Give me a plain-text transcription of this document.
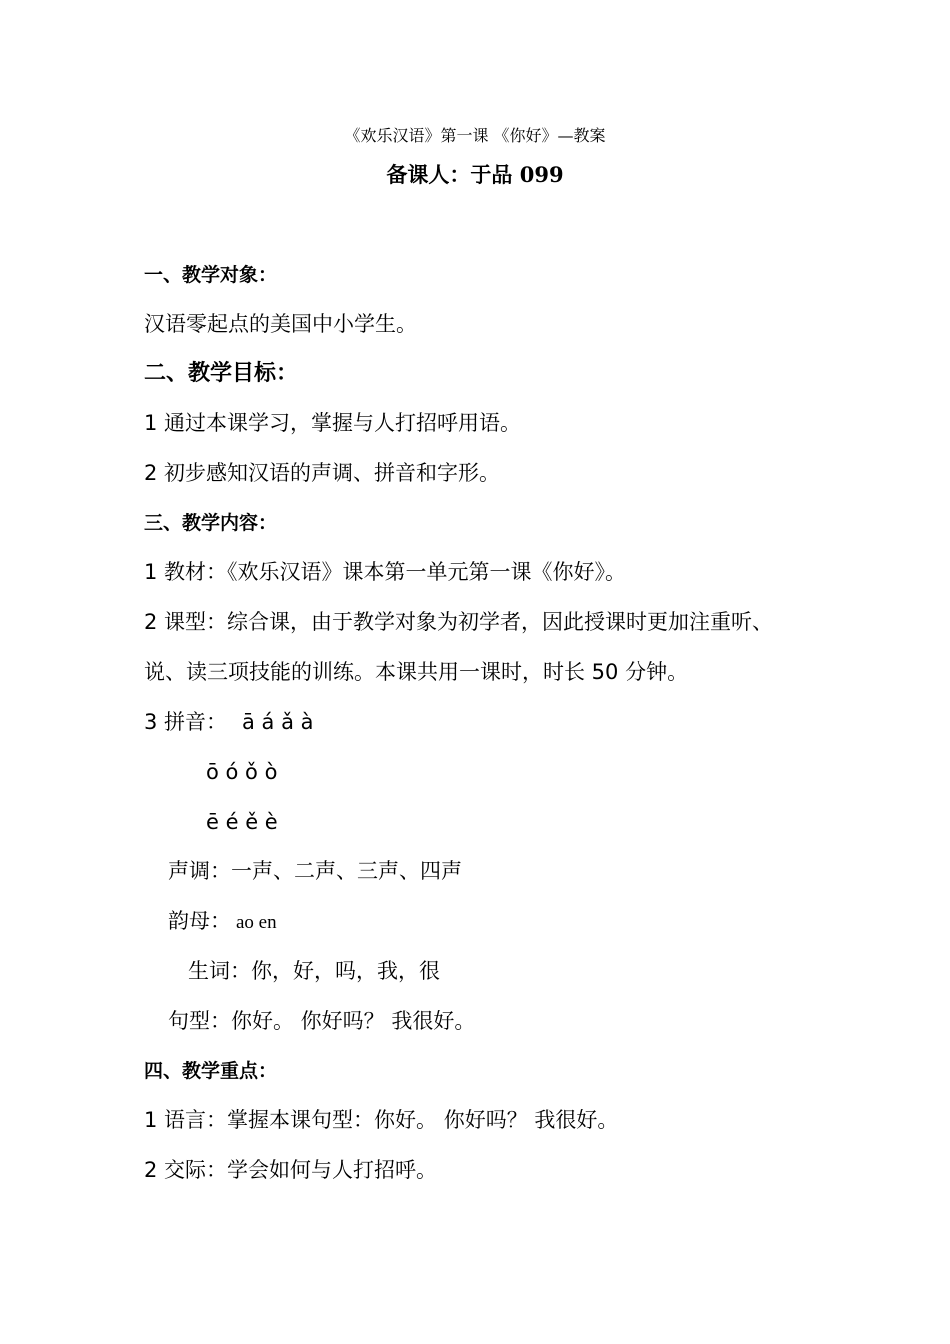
《欢乐汉语》第一课 《你好》—教案
备课人：于品 099
一、教学对象：
汉语零起点的美国中小学生。
二、教学目标：
1 通过本课学习，掌握与人打招呼用语。
2 初步感知汉语的声调、拼音和字形。
三、教学内容：
1 教材：《欢乐汉语》课本第一单元第一课《你好》。
2 课型：综合课，由于教学对象为初学者，因此授课时更加注重听、
说、读三项技能的训练。本课共用一课时，时长 50 分钟。
3 拼音： ā á ǎ à
ō ó ǒ ò
ē é ě è
声调：一声、二声、三声、四声
韵母： ao en
生词：你，好，吗，我，很
句型：你好。 你好吗？ 我很好。
四、教学重点：
1 语言：掌握本课句型：你好。 你好吗？ 我很好。
2 交际：学会如何与人打招呼。
